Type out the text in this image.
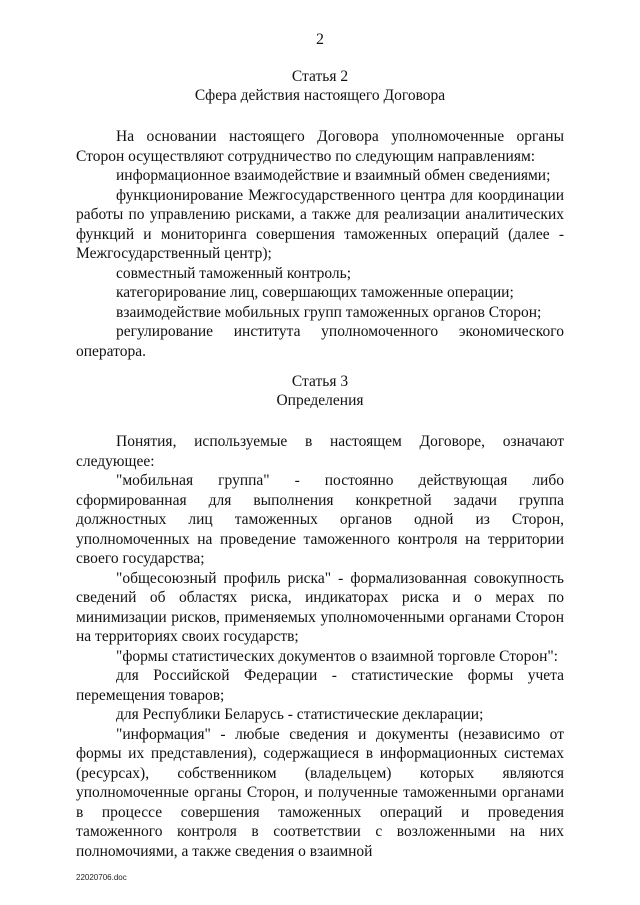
2
Статья 2
Сфера действия настоящего Договора

На основании настоящего Договора уполномоченные органы Сторон осуществляют сотрудничество по следующим направлениям:

информационное взаимодействие и взаимный обмен сведениями;

функционирование Межгосударственного центра для координации работы по управлению рисками, а также для реализации аналитических функций и мониторинга совершения таможенных операций (далее - Межгосударственный центр);

совместный таможенный контроль;

категорирование лиц, совершающих таможенные операции;

взаимодействие мобильных групп таможенных органов Сторон;

регулирование института уполномоченного экономического оператора.

Статья 3
Определения

Понятия, используемые в настоящем Договоре, означают следующее:

"мобильная группа" - постоянно действующая либо сформированная для выполнения конкретной задачи группа должностных лиц таможенных органов одной из Сторон, уполномоченных на проведение таможенного контроля на территории своего государства;

"общесоюзный профиль риска" - формализованная совокупность сведений об областях риска, индикаторах риска и о мерах по минимизации рисков, применяемых уполномоченными органами Сторон на территориях своих государств;

"формы статистических документов о взаимной торговле Сторон":

для Российской Федерации - статистические формы учета перемещения товаров;

для Республики Беларусь - статистические декларации;

"информация" - любые сведения и документы (независимо от формы их представления), содержащиеся в информационных системах (ресурсах), собственником (владельцем) которых являются уполномоченные органы Сторон, и полученные таможенными органами в процессе совершения таможенных операций и проведения таможенного контроля в соответствии с возложенными на них полномочиями, а также сведения о взаимной

22020706.doc
